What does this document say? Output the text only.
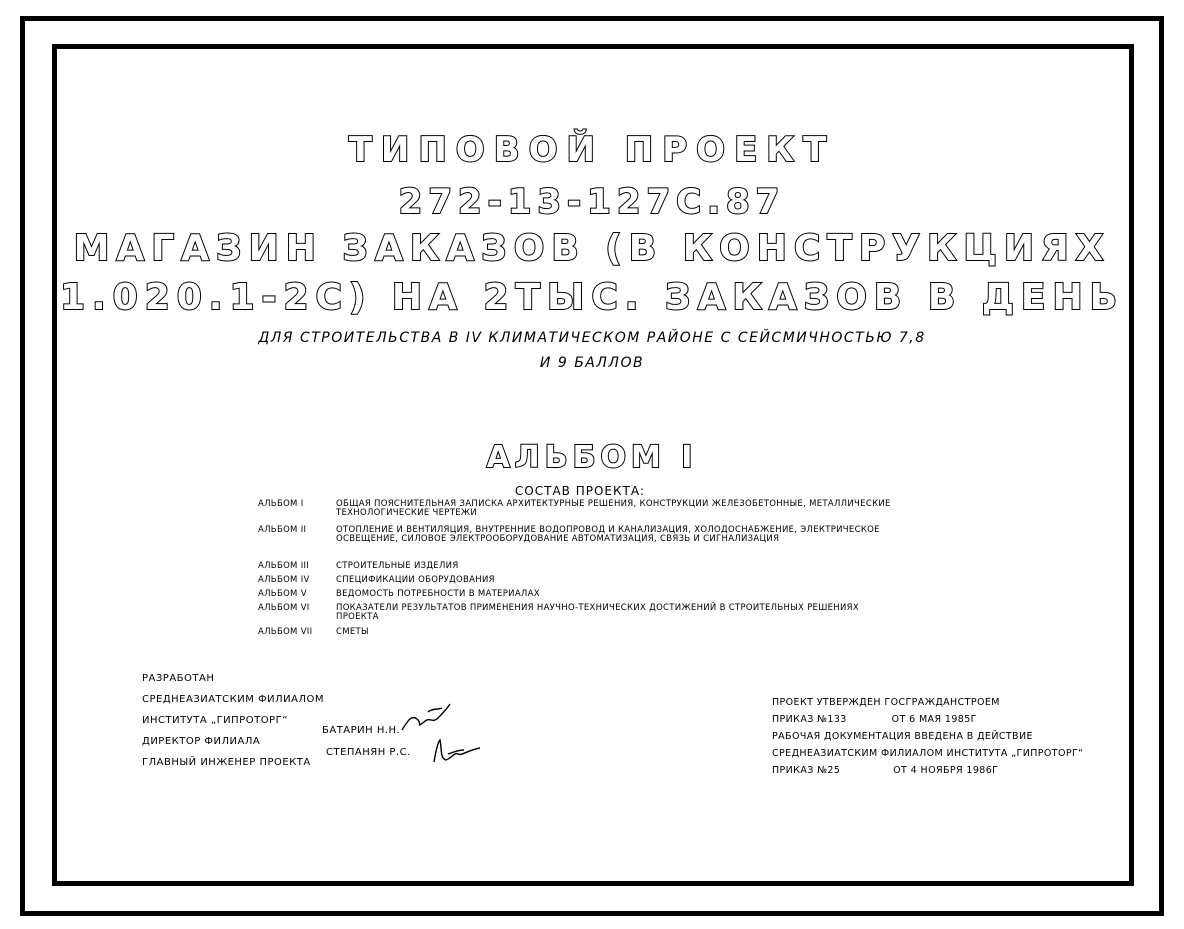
ТИПОВОЙ ПРОЕКТ
272-13-127С.87
МАГАЗИН ЗАКАЗОВ (В КОНСТРУКЦИЯХ
1.020.1-2С) НА 2ТЫС. ЗАКАЗОВ В ДЕНЬ
ДЛЯ СТРОИТЕЛЬСТВА В IV КЛИМАТИЧЕСКОМ РАЙОНЕ С СЕЙСМИЧНОСТЬЮ 7,8
И 9 БАЛЛОВ
АЛЬБОМ I
СОСТАВ ПРОЕКТА:
АЛЬБОМ I	ОБЩАЯ ПОЯСНИТЕЛЬНАЯ ЗАПИСКА АРХИТЕКТУРНЫЕ РЕШЕНИЯ, КОНСТРУКЦИИ ЖЕЛЕЗОБЕТОННЫЕ, МЕТАЛЛИЧЕСКИЕ ТЕХНОЛОГИЧЕСКИЕ ЧЕРТЕЖИ
АЛЬБОМ II	ОТОПЛЕНИЕ И ВЕНТИЛЯЦИЯ, ВНУТРЕННИЕ ВОДОПРОВОД И КАНАЛИЗАЦИЯ, ХОЛОДОСНАБЖЕНИЕ, ЭЛЕКТРИЧЕСКОЕ ОСВЕЩЕНИЕ, СИЛОВОЕ ЭЛЕКТРООБОРУДОВАНИЕ АВТОМАТИЗАЦИЯ, СВЯЗЬ И СИГНАЛИЗАЦИЯ
АЛЬБОМ III	СТРОИТЕЛЬНЫЕ ИЗДЕЛИЯ
АЛЬБОМ IV	СПЕЦИФИКАЦИИ ОБОРУДОВАНИЯ
АЛЬБОМ V	ВЕДОМОСТЬ ПОТРЕБНОСТИ В МАТЕРИАЛАХ
АЛЬБОМ VI	ПОКАЗАТЕЛИ РЕЗУЛЬТАТОВ ПРИМЕНЕНИЯ НАУЧНО-ТЕХНИЧЕСКИХ ДОСТИЖЕНИЙ В СТРОИТЕЛЬНЫХ РЕШЕНИЯХ ПРОЕКТА
АЛЬБОМ VII	СМЕТЫ
РАЗРАБОТАН
СРЕДНЕАЗИАТСКИМ ФИЛИАЛОМ
ИНСТИТУТА „ГИПРОТОРГ“
ДИРЕКТОР ФИЛИАЛА
ГЛАВНЫЙ ИНЖЕНЕР ПРОЕКТА
БАТАРИН Н.Н.
СТЕПАНЯН Р.С.
ПРОЕКТ УТВЕРЖДЕН ГОСГРАЖДАНСТРОЕМ
ПРИКАЗ №133	ОТ 6 МАЯ 1985Г
РАБОЧАЯ ДОКУМЕНТАЦИЯ ВВЕДЕНА В ДЕЙСТВИЕ
СРЕДНЕАЗИАТСКИМ ФИЛИАЛОМ ИНСТИТУТА „ГИПРОТОРГ“
ПРИКАЗ №25	ОТ 4 НОЯБРЯ 1986Г
